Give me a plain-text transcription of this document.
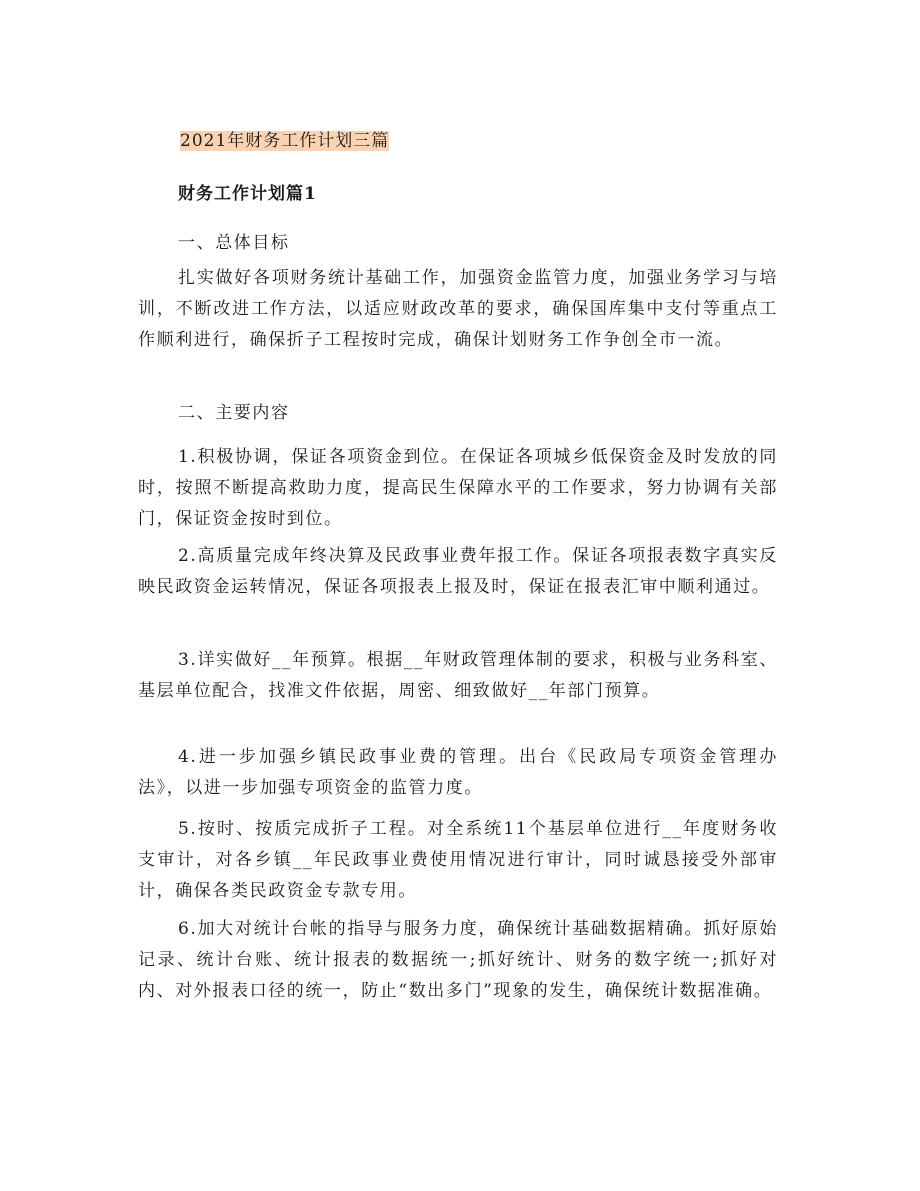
2021年财务工作计划三篇
财务工作计划篇1

一、总体目标

扎实做好各项财务统计基础工作，加强资金监管力度，加强业务学习与培训，不断改进工作方法，以适应财政改革的要求，确保国库集中支付等重点工作顺利进行，确保折子工程按时完成，确保计划财务工作争创全市一流。

二、主要内容

1.积极协调，保证各项资金到位。在保证各项城乡低保资金及时发放的同时，按照不断提高救助力度，提高民生保障水平的工作要求，努力协调有关部门，保证资金按时到位。

2.高质量完成年终决算及民政事业费年报工作。保证各项报表数字真实反映民政资金运转情况，保证各项报表上报及时，保证在报表汇审中顺利通过。

3.详实做好__年预算。根据__年财政管理体制的要求，积极与业务科室、基层单位配合，找准文件依据，周密、细致做好__年部门预算。

4.进一步加强乡镇民政事业费的管理。出台《民政局专项资金管理办法》，以进一步加强专项资金的监管力度。

5.按时、按质完成折子工程。对全系统11个基层单位进行__年度财务收支审计，对各乡镇__年民政事业费使用情况进行审计，同时诚恳接受外部审计，确保各类民政资金专款专用。

6.加大对统计台帐的指导与服务力度，确保统计基础数据精确。抓好原始记录、统计台账、统计报表的数据统一;抓好统计、财务的数字统一;抓好对内、对外报表口径的统一，防止“数出多门”现象的发生，确保统计数据准确。
